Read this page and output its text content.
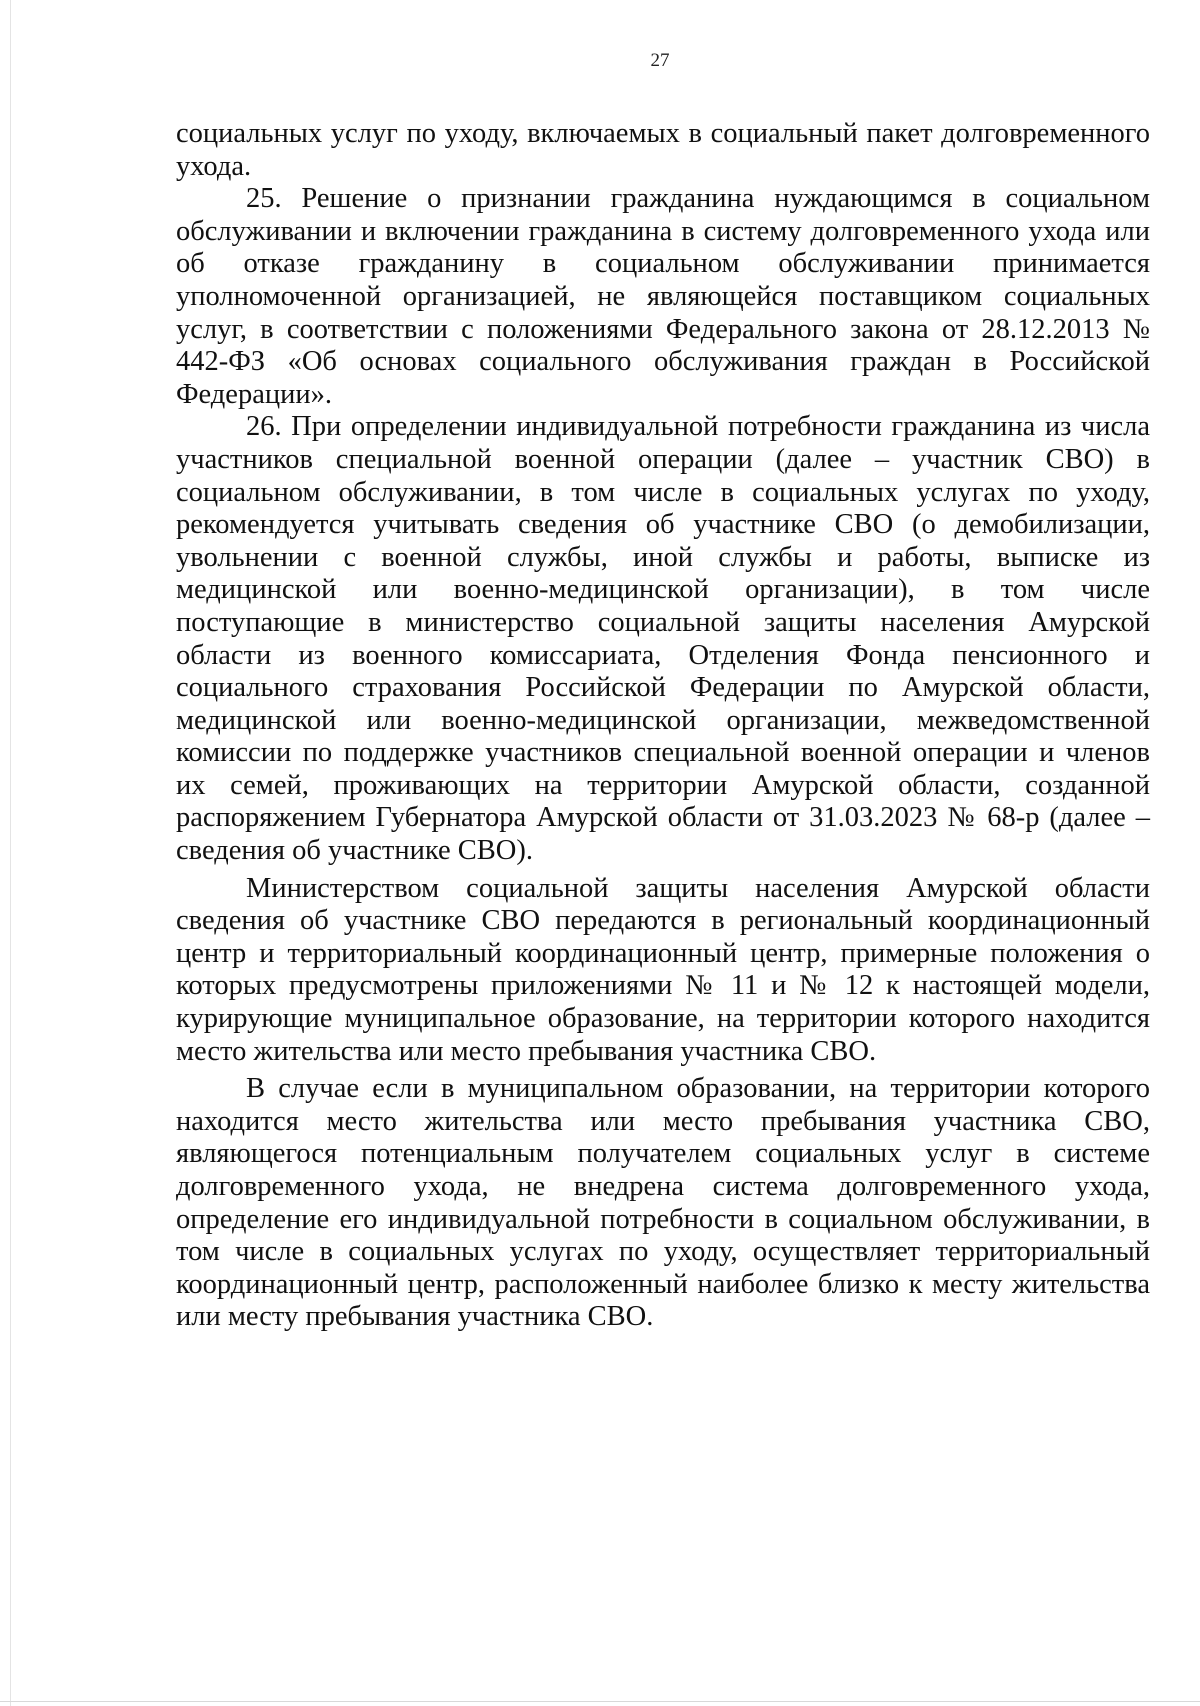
27

социальных услуг по уходу, включаемых в социальный пакет долговременного ухода.

25. Решение о признании гражданина нуждающимся в социальном обслуживании и включении гражданина в систему долговременного ухода или об отказе гражданину в социальном обслуживании принимается уполномоченной организацией, не являющейся поставщиком социальных услуг, в соответствии с положениями Федерального закона от 28.12.2013 № 442-ФЗ «Об основах социального обслуживания граждан в Российской Федерации».

26. При определении индивидуальной потребности гражданина из числа участников специальной военной операции (далее – участник СВО) в социальном обслуживании, в том числе в социальных услугах по уходу, рекомендуется учитывать сведения об участнике СВО (о демобилизации, увольнении с военной службы, иной службы и работы, выписке из медицинской или военно-медицинской организации), в том числе поступающие в министерство социальной защиты населения Амурской области из военного комиссариата, Отделения Фонда пенсионного и социального страхования Российской Федерации по Амурской области, медицинской или военно-медицинской организации, межведомственной комиссии по поддержке участников специальной военной операции и членов их семей, проживающих на территории Амурской области, созданной распоряжением Губернатора Амурской области от 31.03.2023 № 68-р (далее – сведения об участнике СВО).

Министерством социальной защиты населения Амурской области сведения об участнике СВО передаются в региональный координационный центр и территориальный координационный центр, примерные положения о которых предусмотрены приложениями № 11 и № 12 к настоящей модели, курирующие муниципальное образование, на территории которого находится место жительства или место пребывания участника СВО.

В случае если в муниципальном образовании, на территории которого находится место жительства или место пребывания участника СВО, являющегося потенциальным получателем социальных услуг в системе долговременного ухода, не внедрена система долговременного ухода, определение его индивидуальной потребности в социальном обслуживании, в том числе в социальных услугах по уходу, осуществляет территориальный координационный центр, расположенный наиболее близко к месту жительства или месту пребывания участника СВО.
